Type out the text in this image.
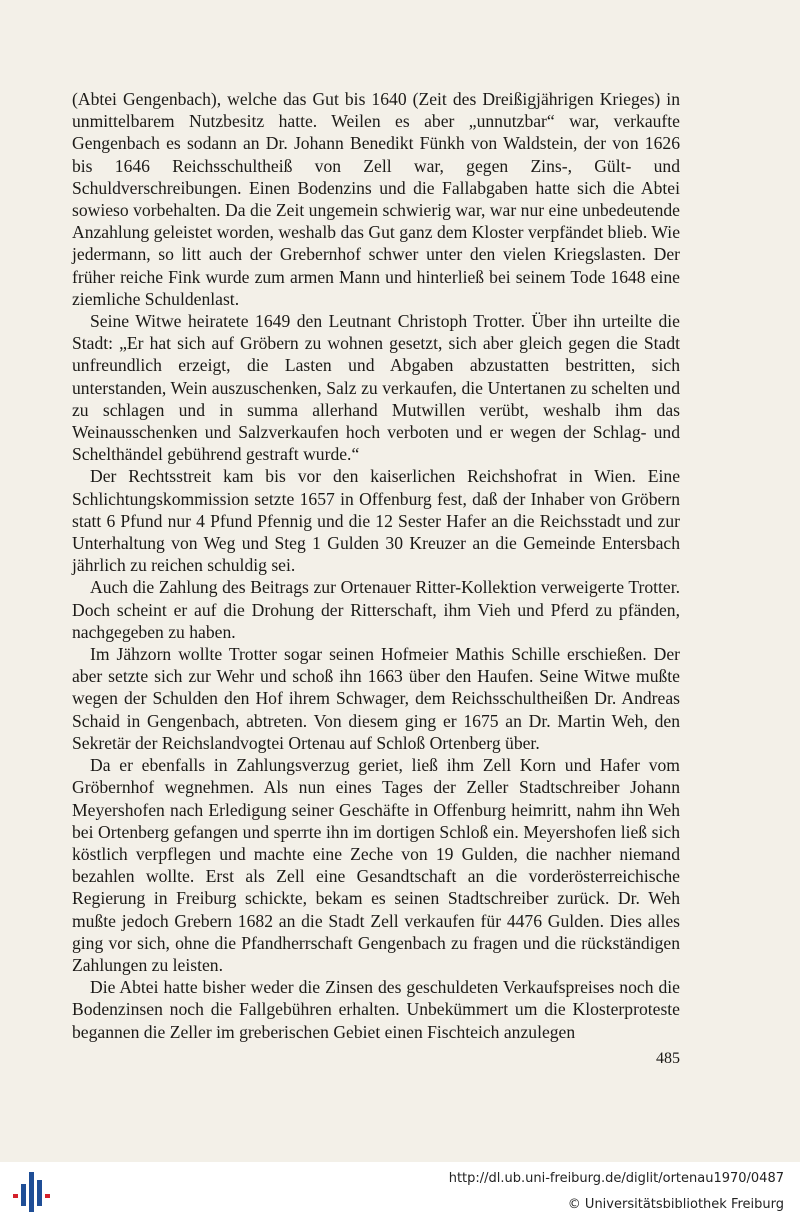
(Abtei Gengenbach), welche das Gut bis 1640 (Zeit des Dreißigjährigen Krieges) in unmittelbarem Nutzbesitz hatte. Weilen es aber „unnutzbar“ war, verkaufte Gengenbach es sodann an Dr. Johann Benedikt Fünkh von Waldstein, der von 1626 bis 1646 Reichsschultheiß von Zell war, gegen Zins-, Gült- und Schuldverschreibungen. Einen Bodenzins und die Fallabgaben hatte sich die Abtei sowieso vorbehalten. Da die Zeit ungemein schwierig war, war nur eine unbedeutende Anzahlung geleistet worden, weshalb das Gut ganz dem Kloster verpfändet blieb. Wie jedermann, so litt auch der Grebernhof schwer unter den vielen Kriegslasten. Der früher reiche Fink wurde zum armen Mann und hinterließ bei seinem Tode 1648 eine ziemliche Schuldenlast.

Seine Witwe heiratete 1649 den Leutnant Christoph Trotter. Über ihn urteilte die Stadt: „Er hat sich auf Gröbern zu wohnen gesetzt, sich aber gleich gegen die Stadt unfreundlich erzeigt, die Lasten und Abgaben abzustatten bestritten, sich unterstanden, Wein auszuschenken, Salz zu verkaufen, die Untertanen zu schelten und zu schlagen und in summa allerhand Mutwillen verübt, weshalb ihm das Weinausschenken und Salzverkaufen hoch verboten und er wegen der Schlag- und Schelthändel gebührend gestraft wurde.“

Der Rechtsstreit kam bis vor den kaiserlichen Reichshofrat in Wien. Eine Schlichtungskommission setzte 1657 in Offenburg fest, daß der Inhaber von Gröbern statt 6 Pfund nur 4 Pfund Pfennig und die 12 Sester Hafer an die Reichsstadt und zur Unterhaltung von Weg und Steg 1 Gulden 30 Kreuzer an die Gemeinde Entersbach jährlich zu reichen schuldig sei.

Auch die Zahlung des Beitrags zur Ortenauer Ritter-Kollektion verweigerte Trotter. Doch scheint er auf die Drohung der Ritterschaft, ihm Vieh und Pferd zu pfänden, nachgegeben zu haben.

Im Jähzorn wollte Trotter sogar seinen Hofmeier Mathis Schille erschießen. Der aber setzte sich zur Wehr und schoß ihn 1663 über den Haufen. Seine Witwe mußte wegen der Schulden den Hof ihrem Schwager, dem Reichsschultheißen Dr. Andreas Schaid in Gengenbach, abtreten. Von diesem ging er 1675 an Dr. Martin Weh, den Sekretär der Reichslandvogtei Ortenau auf Schloß Ortenberg über.

Da er ebenfalls in Zahlungsverzug geriet, ließ ihm Zell Korn und Hafer vom Gröbernhof wegnehmen. Als nun eines Tages der Zeller Stadtschreiber Johann Meyershofen nach Erledigung seiner Geschäfte in Offenburg heimritt, nahm ihn Weh bei Ortenberg gefangen und sperrte ihn im dortigen Schloß ein. Meyershofen ließ sich köstlich verpflegen und machte eine Zeche von 19 Gulden, die nachher niemand bezahlen wollte. Erst als Zell eine Gesandtschaft an die vorderösterreichische Regierung in Freiburg schickte, bekam es seinen Stadtschreiber zurück. Dr. Weh mußte jedoch Grebern 1682 an die Stadt Zell verkaufen für 4476 Gulden. Dies alles ging vor sich, ohne die Pfandherrschaft Gengenbach zu fragen und die rückständigen Zahlungen zu leisten.

Die Abtei hatte bisher weder die Zinsen des geschuldeten Verkaufspreises noch die Bodenzinsen noch die Fallgebühren erhalten. Unbekümmert um die Klosterproteste begannen die Zeller im greberischen Gebiet einen Fischteich anzulegen

485
http://dl.ub.uni-freiburg.de/diglit/ortenau1970/0487
© Universitätsbibliothek Freiburg
